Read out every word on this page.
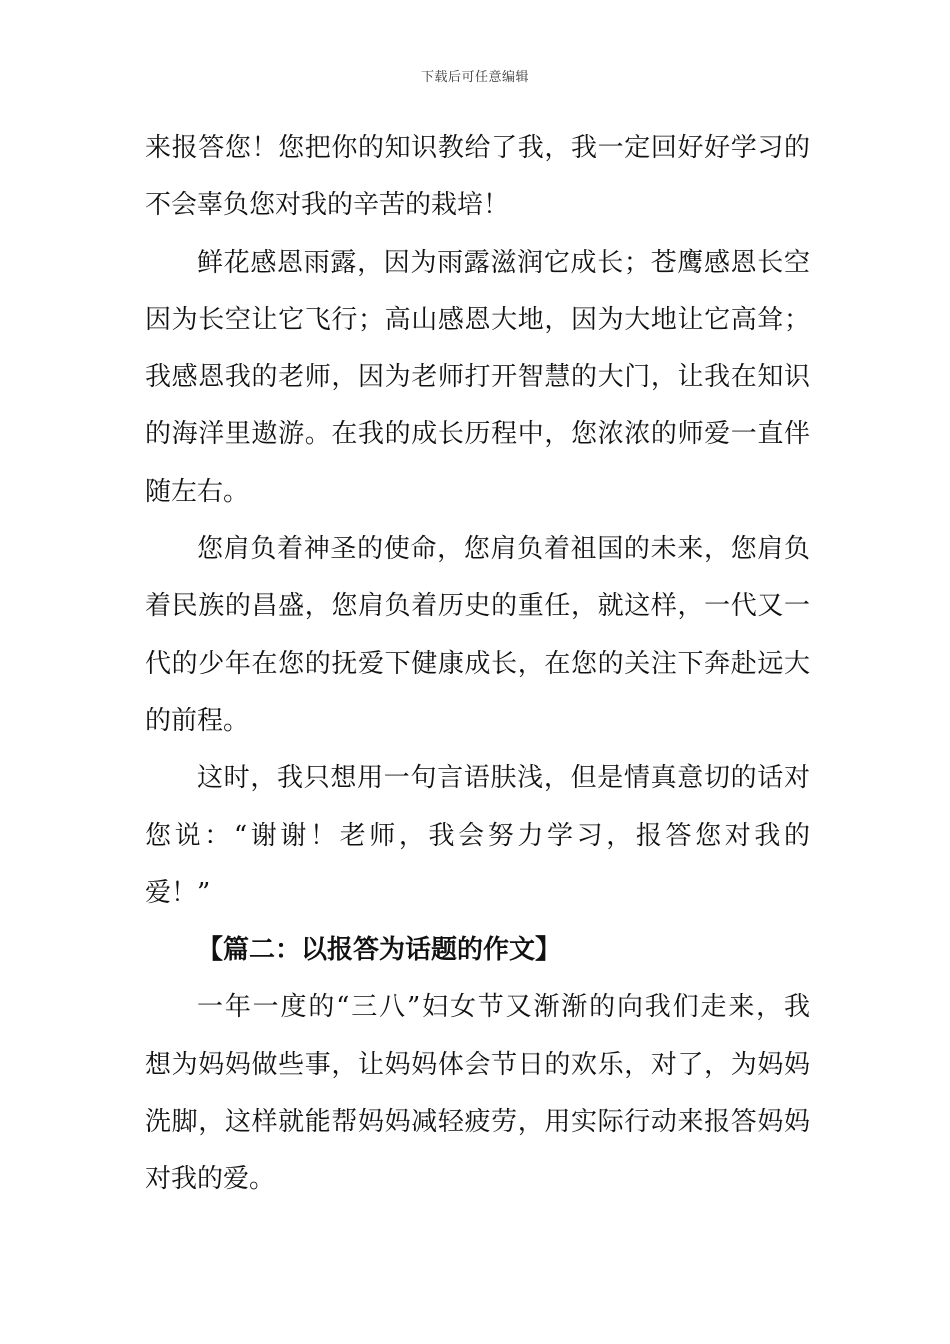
下载后可任意编辑
来报答您！您把你的知识教给了我，我一定回好好学习的
不会辜负您对我的辛苦的栽培！
鲜花感恩雨露，因为雨露滋润它成长；苍鹰感恩长空
因为长空让它飞行；高山感恩大地，因为大地让它高耸；
我感恩我的老师，因为老师打开智慧的大门，让我在知识
的海洋里遨游。在我的成长历程中，您浓浓的师爱一直伴
随左右。
您肩负着神圣的使命，您肩负着祖国的未来，您肩负
着民族的昌盛，您肩负着历史的重任，就这样，一代又一
代的少年在您的抚爱下健康成长，在您的关注下奔赴远大
的前程。
这时，我只想用一句言语肤浅，但是情真意切的话对
您说：“谢谢！老师，我会努力学习，报答您对我的
爱！”
【篇二：以报答为话题的作文】
一年一度的“三八”妇女节又渐渐的向我们走来，我
想为妈妈做些事，让妈妈体会节日的欢乐，对了，为妈妈
洗脚，这样就能帮妈妈减轻疲劳，用实际行动来报答妈妈
对我的爱。
